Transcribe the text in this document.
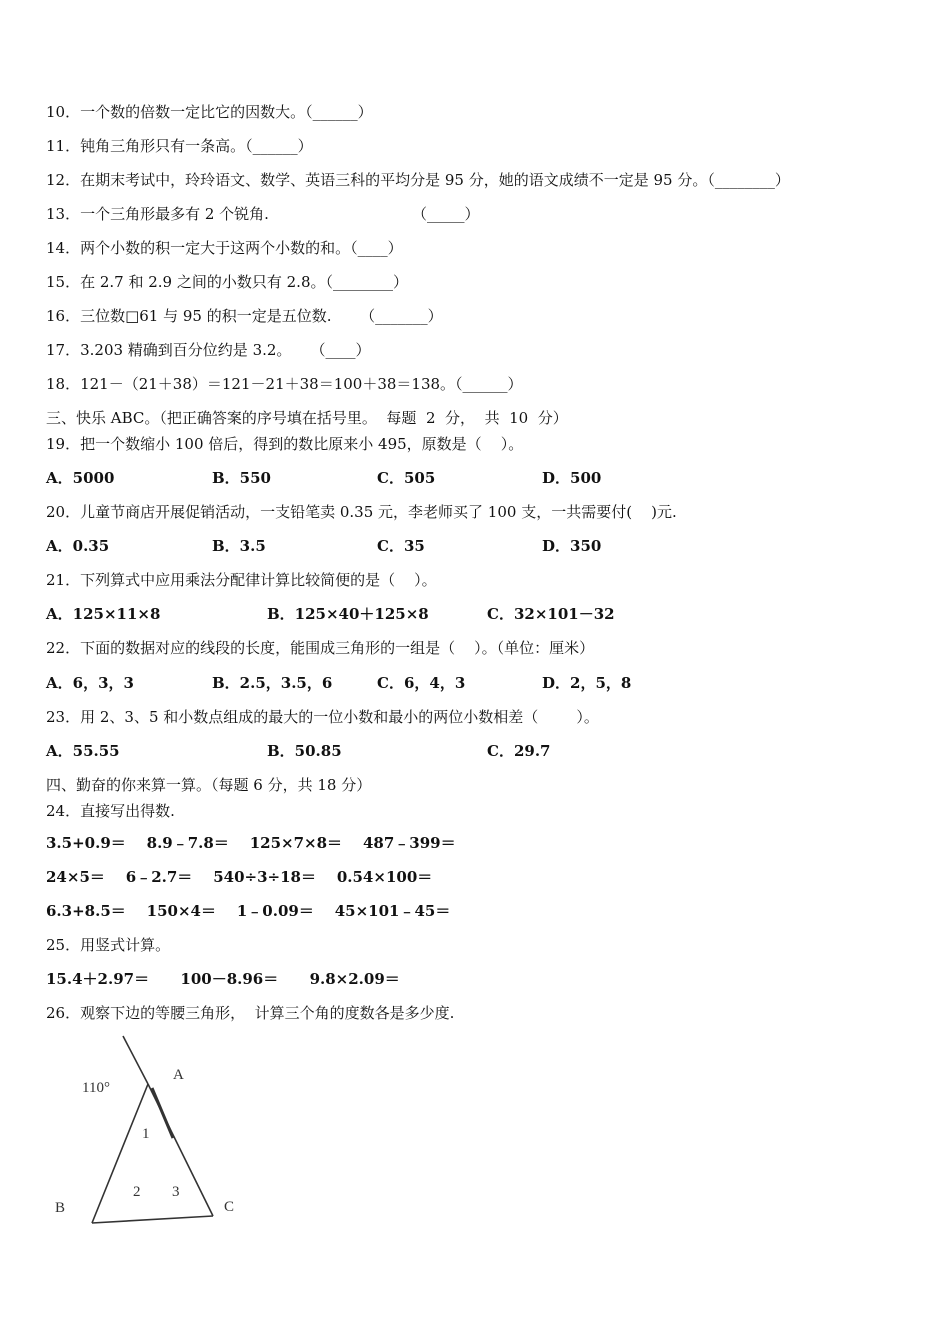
10．一个数的倍数一定比它的因数大。（______）
11．钝角三角形只有一条高。（______）
12．在期末考试中，玲玲语文、数学、英语三科的平均分是 95 分，她的语文成绩不一定是 95 分。（________）
13．一个三角形最多有 2 个锐角.                              （_____）
14．两个小数的积一定大于这两个小数的和。（____）
15．在 2.7 和 2.9 之间的小数只有 2.8。（________）
16．三位数□61 与 95 的积一定是五位数.      （_______）
17．3.203 精确到百分位约是 3.2。    （____）
18．121－（21＋38）＝121－21＋38＝100＋38＝138。（______）
三、快乐 ABC。（把正确答案的序号填在括号里。  每题  2  分，  共  10  分）
19．把一个数缩小 100 倍后，得到的数比原来小 495，原数是（    ）。
A．5000	B．550	C．505	D．500
20．儿童节商店开展促销活动，一支铅笔卖 0.35 元，李老师买了 100 支，一共需要付(    )元.
A．0.35	B．3.5	C．35	D．350
21．下列算式中应用乘法分配律计算比较简便的是（    ）。
A．125×11×8	B．125×40＋125×8	C．32×101－32
22．下面的数据对应的线段的长度，能围成三角形的一组是（    ）。（单位：厘米）
A．6，3，3	B．2.5，3.5，6	C．6，4，3	D．2，5，8
23．用 2、3、5 和小数点组成的最大的一位小数和最小的两位小数相差（        ）。
A．55.55	B．50.85	C．29.7
四、勤奋的你来算一算。（每题 6 分，共 18 分）
24．直接写出得数.
3.5+0.9＝    8.9﹣7.8＝    125×7×8＝    487﹣399＝
24×5＝    6﹣2.7＝    540÷3÷18＝    0.54×100＝
6.3+8.5＝    150×4＝    1﹣0.09＝    45×101﹣45＝
25．用竖式计算。
15.4＋2.97＝      100－8.96＝      9.8×2.09＝
26．观察下边的等腰三角形，  计算三个角的度数各是多少度.
110°
A
B	C
1
2 3
